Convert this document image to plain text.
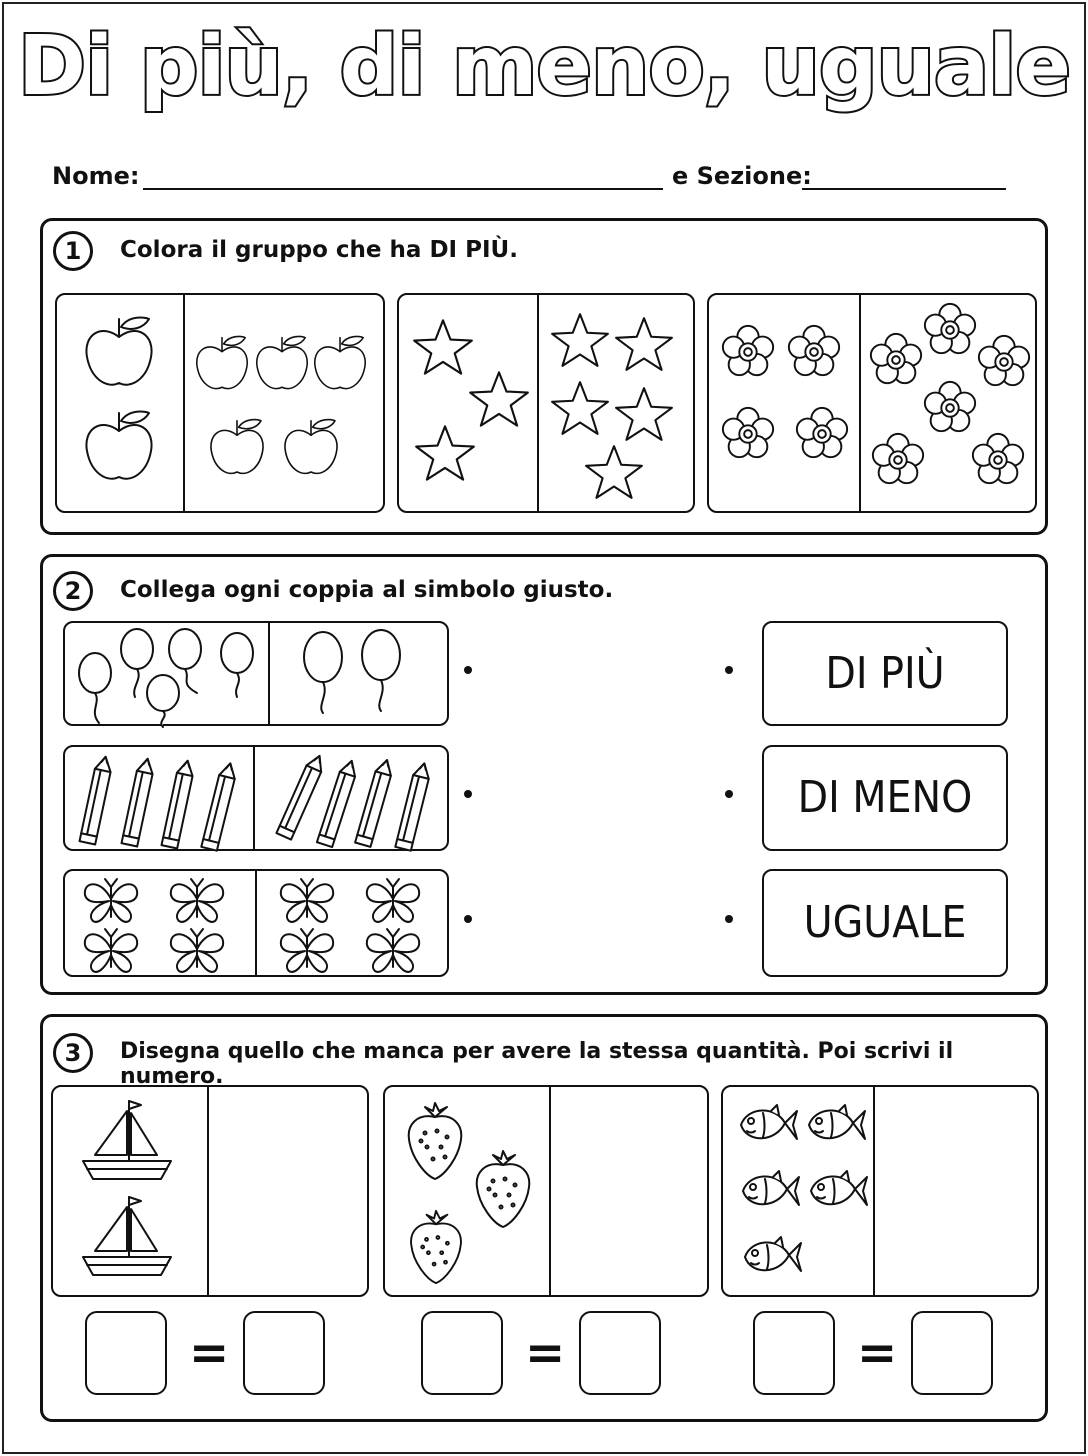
Di più, di meno, uguale
Nome:	e Sezione:
1	Colora il gruppo che ha DI PIÙ.
2	Collega ogni coppia al simbolo giusto.
DI PIÙ
DI MENO
UGUALE
3	Disegna quello che manca per avere la stessa quantità. Poi scrivi il numero.
=	=	=
